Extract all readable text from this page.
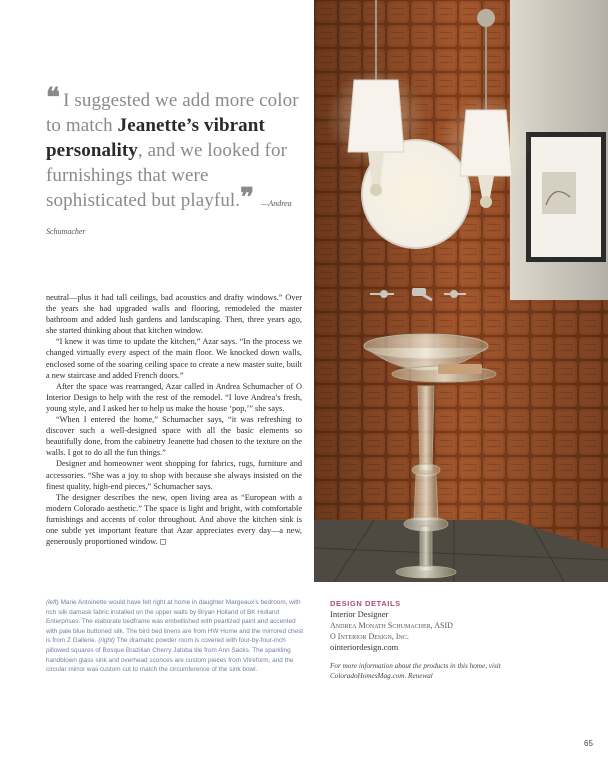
❝ I suggested we add more color to match Jeanette’s vibrant personality, and we looked for furnishings that were sophisticated but playful.❞ —Andrea Schumacher

neutral—plus it had tall ceilings, bad acoustics and drafty windows.” Over the years she had upgraded walls and flooring, remodeled the master bathroom and added lush gardens and landscaping. Then, three years ago, she started thinking about that kitchen window.

“I knew it was time to update the kitchen,” Azar says. “In the process we changed virtually every aspect of the main floor. We knocked down walls, enclosed some of the soaring ceiling space to create a new master suite, built a new staircase and added French doors.”

After the space was rearranged, Azar called in Andrea Schumacher of O Interior Design to help with the rest of the remodel. “I love Andrea’s fresh, young style, and I asked her to help us make the house ‘pop,’” she says.

“When I entered the home,” Schumacher says, “it was refreshing to discover such a well-designed space with all the basic elements so beautifully done, from the cabinetry Jeanette had chosen to the texture on the walls. I got to do all the fun things.”

Designer and homeowner went shopping for fabrics, rugs, furniture and accessories. “She was a joy to shop with because she always insisted on the finest quality, high-end pieces,” Schumacher says.

The designer describes the new, open living area as “European with a modern Colorado aesthetic.” The space is light and bright, with comfortable furnishings and accents of color throughout. And above the kitchen sink is one subtle yet important feature that Azar appreciates every day—a new, generously proportioned window. ◻

(left) Marie Antoinette would have felt right at home in daughter Margeaux’s bedroom, with rich silk damask fabric installed on the upper walls by Bryan Holland of BK Holland Enterprises. The elaborate bedframe was embellished with pearlized paint and accented with pale blue buttoned silk. The bird bed linens are from HW Home and the mirrored chest is from Z Gallerie. (right) The dramatic powder room is covered with four-by-four-inch pillowed squares of Bosque Brazilian Cherry Jatoba tile from Ann Sacks. The sparkling handblown glass sink and overhead sconces are custom pieces from Vitreform, and the circular mirror was custom cut to match the circumference of the sink bowl.
DESIGN DETAILS
Interior Designer
Andrea Monath Schumacher, ASID
O Interior Design, Inc.
ointeriordesign.com
For more information about the products in this home, visit ColoradoHomesMag.com. Renewal
65
